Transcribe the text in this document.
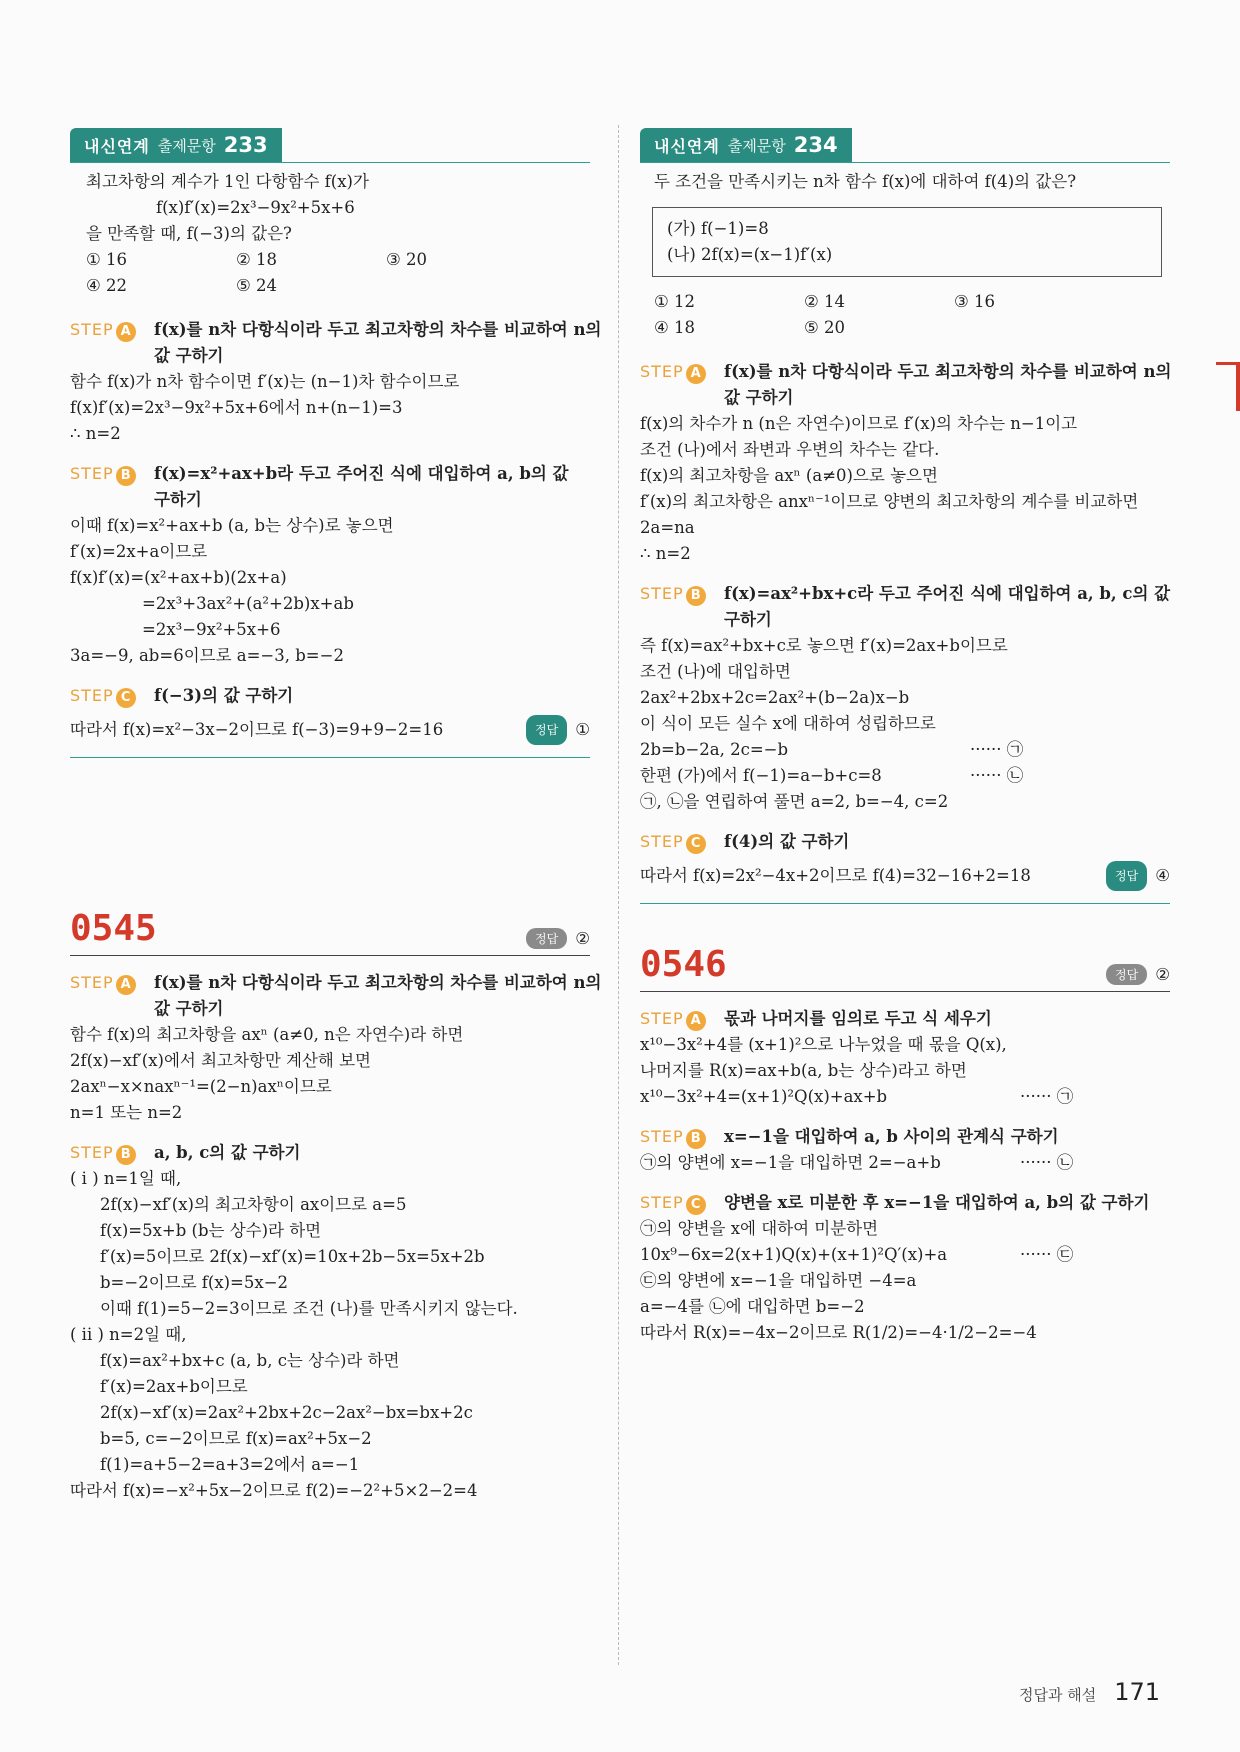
내신연계 출제문항 233
최고차항의 계수가 1인 다항함수 f(x)가
f(x)f′(x)=2x³−9x²+5x+6
을 만족할 때, f(−3)의 값은?
① 16	② 18	③ 20
④ 22	⑤ 24
STEP A	f(x)를 n차 다항식이라 두고 최고차항의 차수를 비교하여 n의
값 구하기
함수 f(x)가 n차 함수이면 f′(x)는 (n−1)차 함수이므로
f(x)f′(x)=2x³−9x²+5x+6에서 n+(n−1)=3
∴ n=2
STEP B	f(x)=x²+ax+b라 두고 주어진 식에 대입하여 a, b의 값
구하기
이때 f(x)=x²+ax+b (a, b는 상수)로 놓으면
f′(x)=2x+a이므로
f(x)f′(x)=(x²+ax+b)(2x+a)
=2x³+3ax²+(a²+2b)x+ab
=2x³−9x²+5x+6
3a=−9, ab=6이므로 a=−3, b=−2
STEP C	f(−3)의 값 구하기
따라서 f(x)=x²−3x−2이므로 f(−3)=9+9−2=16	정답	①
0545	정답	②
STEP A	f(x)를 n차 다항식이라 두고 최고차항의 차수를 비교하여 n의
값 구하기
함수 f(x)의 최고차항을 axⁿ (a≠0, n은 자연수)라 하면
2f(x)−xf′(x)에서 최고차항만 계산해 보면
2axⁿ−x×naxⁿ⁻¹=(2−n)axⁿ이므로
n=1 또는 n=2
STEP B	a, b, c의 값 구하기
( i ) n=1일 때,
2f(x)−xf′(x)의 최고차항이 ax이므로 a=5
f(x)=5x+b (b는 상수)라 하면
f′(x)=5이므로 2f(x)−xf′(x)=10x+2b−5x=5x+2b
b=−2이므로 f(x)=5x−2
이때 f(1)=5−2=3이므로 조건 (나)를 만족시키지 않는다.
( ii ) n=2일 때,
f(x)=ax²+bx+c (a, b, c는 상수)라 하면
f′(x)=2ax+b이므로
2f(x)−xf′(x)=2ax²+2bx+2c−2ax²−bx=bx+2c
b=5, c=−2이므로 f(x)=ax²+5x−2
f(1)=a+5−2=a+3=2에서 a=−1
따라서 f(x)=−x²+5x−2이므로 f(2)=−2²+5×2−2=4
내신연계 출제문항 234
두 조건을 만족시키는 n차 함수 f(x)에 대하여 f(4)의 값은?
(가) f(−1)=8
(나) 2f(x)=(x−1)f′(x)
① 12	② 14	③ 16
④ 18	⑤ 20
STEP A	f(x)를 n차 다항식이라 두고 최고차항의 차수를 비교하여 n의
값 구하기
f(x)의 차수가 n (n은 자연수)이므로 f′(x)의 차수는 n−1이고
조건 (나)에서 좌변과 우변의 차수는 같다.
f(x)의 최고차항을 axⁿ (a≠0)으로 놓으면
f′(x)의 최고차항은 anxⁿ⁻¹이므로 양변의 최고차항의 계수를 비교하면
2a=na
∴ n=2
STEP B	f(x)=ax²+bx+c라 두고 주어진 식에 대입하여 a, b, c의 값
구하기
즉 f(x)=ax²+bx+c로 놓으면 f′(x)=2ax+b이므로
조건 (나)에 대입하면
2ax²+2bx+2c=2ax²+(b−2a)x−b
이 식이 모든 실수 x에 대하여 성립하므로
2b=b−2a, 2c=−b	······ ㉠
한편 (가)에서 f(−1)=a−b+c=8	······ ㉡
㉠, ㉡을 연립하여 풀면 a=2, b=−4, c=2
STEP C	f(4)의 값 구하기
따라서 f(x)=2x²−4x+2이므로 f(4)=32−16+2=18	정답	④
0546	정답	②
STEP A	몫과 나머지를 임의로 두고 식 세우기
x¹⁰−3x²+4를 (x+1)²으로 나누었을 때 몫을 Q(x),
나머지를 R(x)=ax+b(a, b는 상수)라고 하면
x¹⁰−3x²+4=(x+1)²Q(x)+ax+b	······ ㉠
STEP B	x=−1을 대입하여 a, b 사이의 관계식 구하기
㉠의 양변에 x=−1을 대입하면 2=−a+b	······ ㉡
STEP C	양변을 x로 미분한 후 x=−1을 대입하여 a, b의 값 구하기
㉠의 양변을 x에 대하여 미분하면
10x⁹−6x=2(x+1)Q(x)+(x+1)²Q′(x)+a	······ ㉢
㉢의 양변에 x=−1을 대입하면 −4=a
a=−4를 ㉡에 대입하면 b=−2
따라서 R(x)=−4x−2이므로 R(1/2)=−4·1/2−2=−4
정답과 해설 171
